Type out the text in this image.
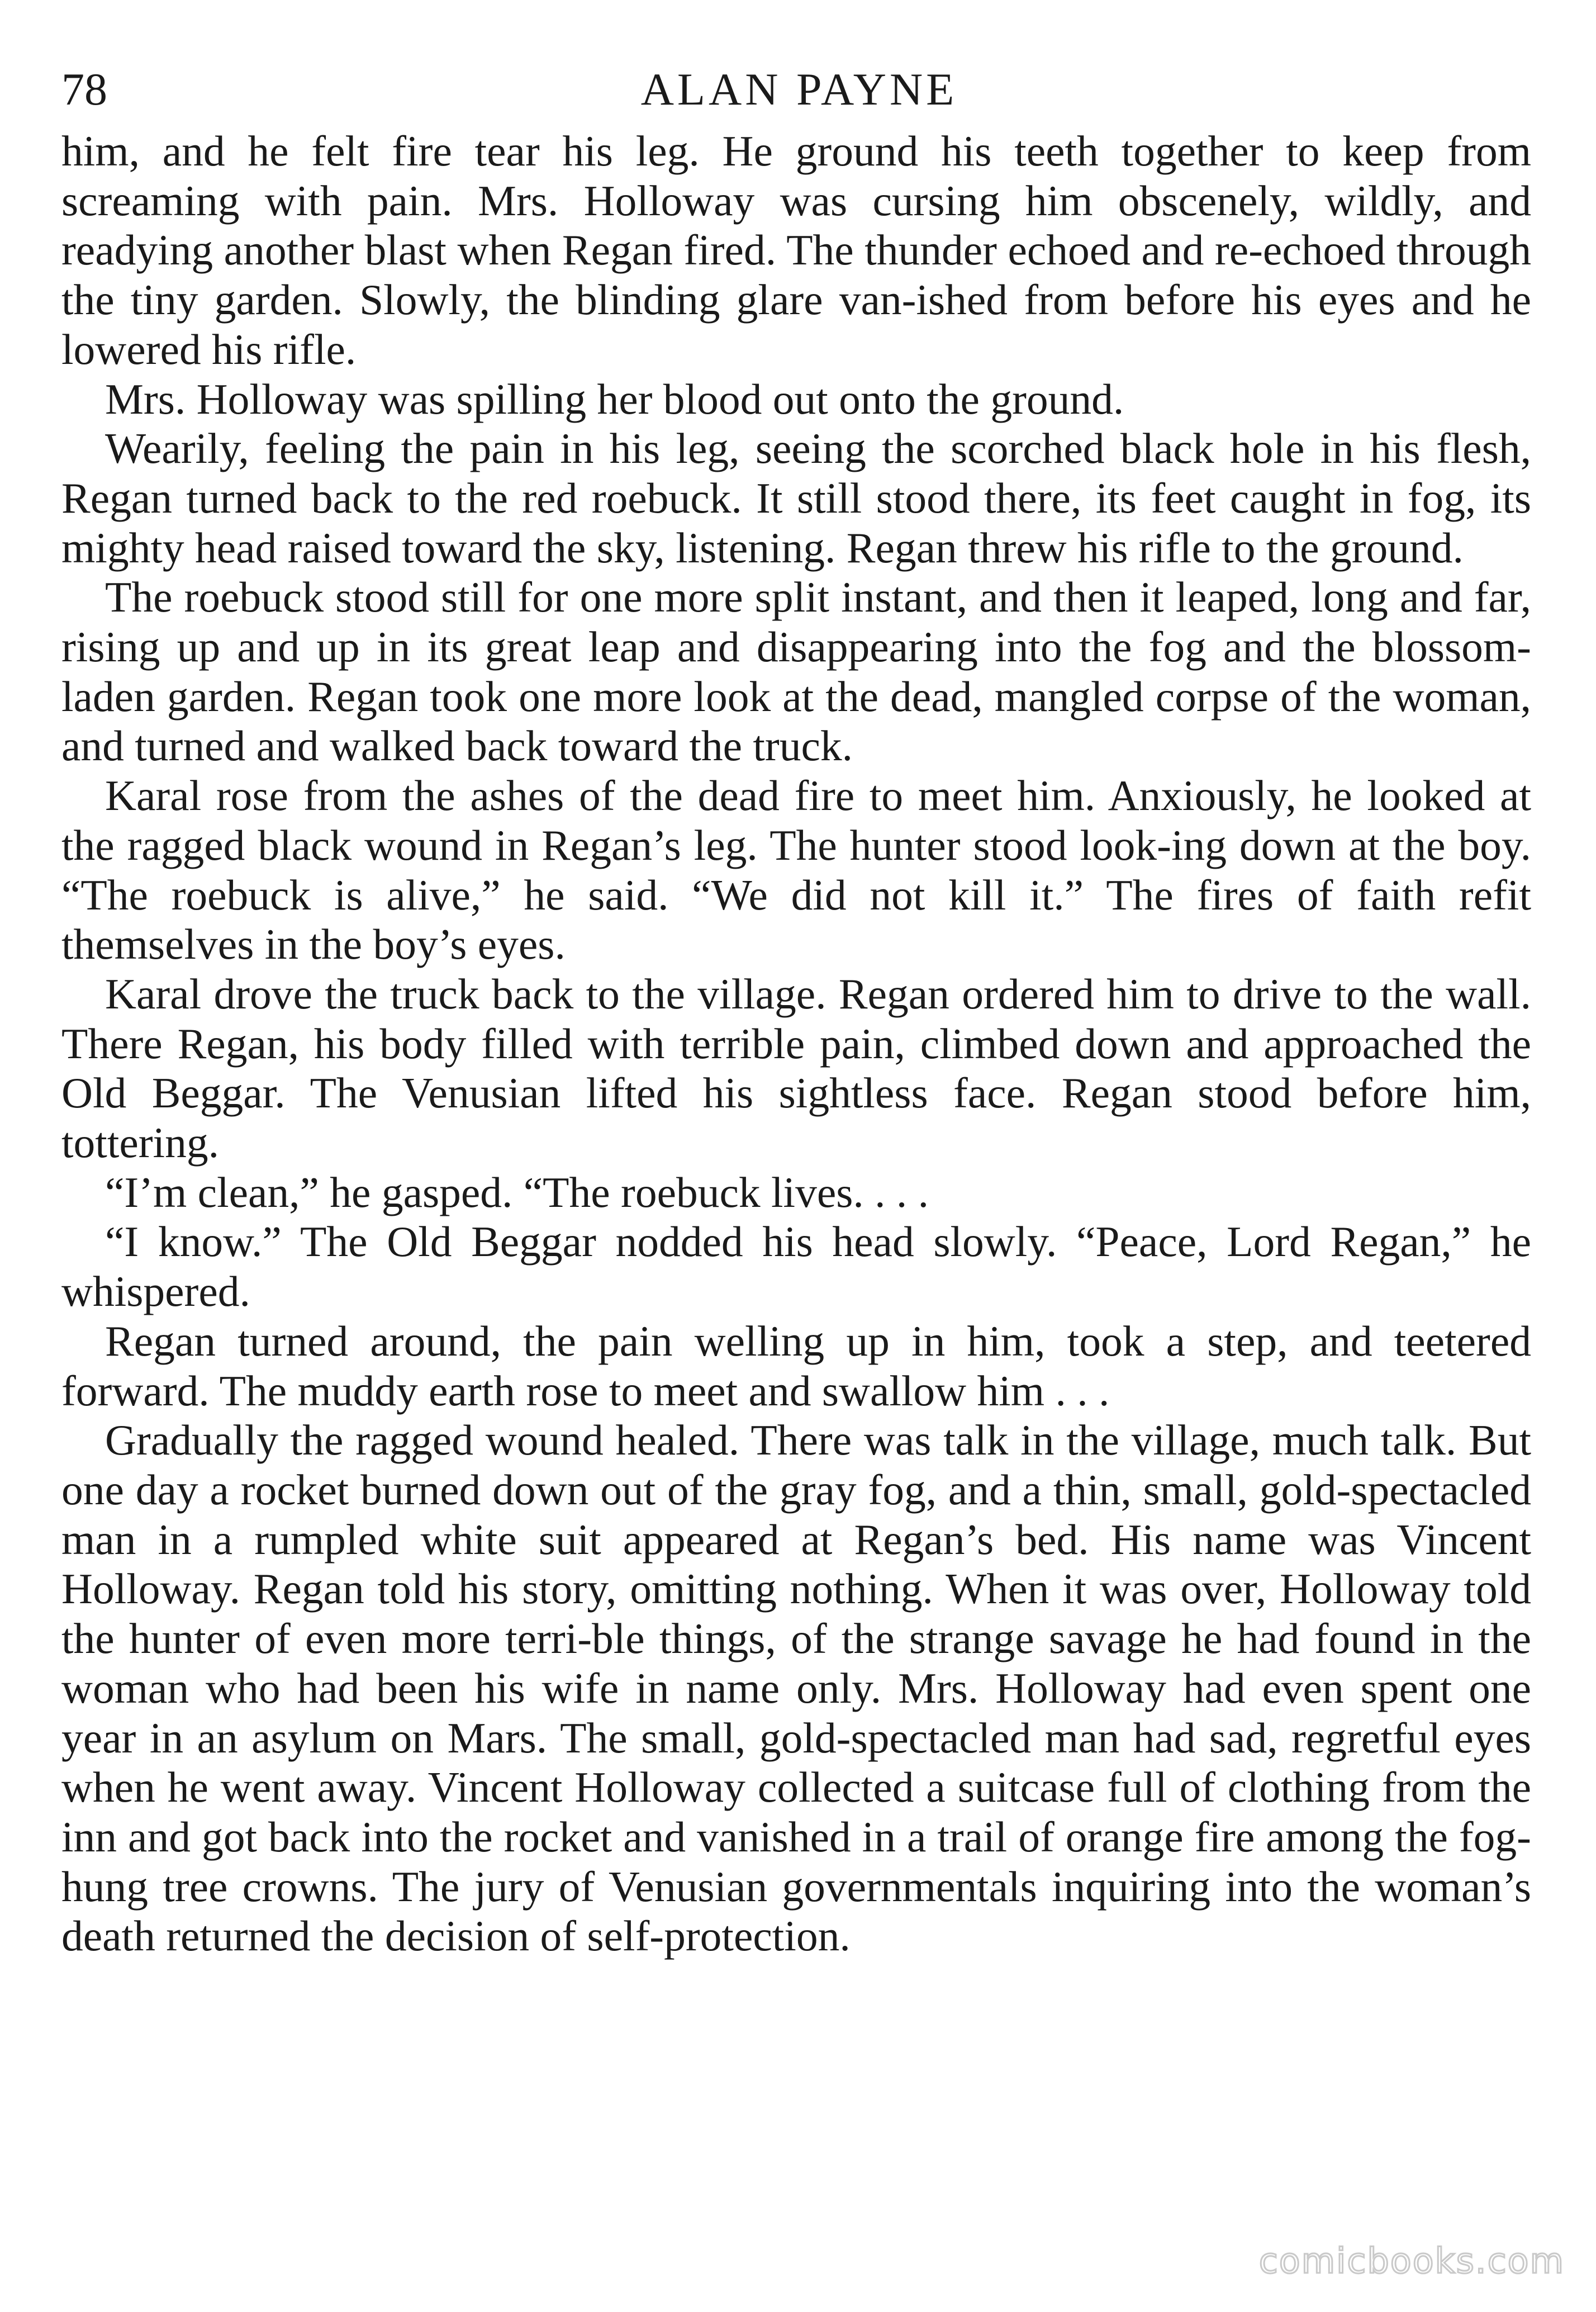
78	ALAN PAYNE

him, and he felt fire tear his leg. He ground his teeth together to keep from screaming with pain. Mrs. Holloway was cursing him obscenely, wildly, and readying another blast when Regan fired. The thunder echoed and re-echoed through the tiny garden. Slowly, the blinding glare van-ished from before his eyes and he lowered his rifle.

Mrs. Holloway was spilling her blood out onto the ground.

Wearily, feeling the pain in his leg, seeing the scorched black hole in his flesh, Regan turned back to the red roebuck. It still stood there, its feet caught in fog, its mighty head raised toward the sky, listening. Regan threw his rifle to the ground.

The roebuck stood still for one more split instant, and then it leaped, long and far, rising up and up in its great leap and disappearing into the fog and the blossom-laden garden. Regan took one more look at the dead, mangled corpse of the woman, and turned and walked back toward the truck.

Karal rose from the ashes of the dead fire to meet him. Anxiously, he looked at the ragged black wound in Regan’s leg. The hunter stood look-ing down at the boy. “The roebuck is alive,” he said. “We did not kill it.” The fires of faith refit themselves in the boy’s eyes.

Karal drove the truck back to the village. Regan ordered him to drive to the wall. There Regan, his body filled with terrible pain, climbed down and approached the Old Beggar. The Venusian lifted his sightless face. Regan stood before him, tottering.

“I’m clean,” he gasped. “The roebuck lives. . . .

“I know.” The Old Beggar nodded his head slowly. “Peace, Lord Regan,” he whispered.

Regan turned around, the pain welling up in him, took a step, and teetered forward. The muddy earth rose to meet and swallow him . . .

Gradually the ragged wound healed. There was talk in the village, much talk. But one day a rocket burned down out of the gray fog, and a thin, small, gold-spectacled man in a rumpled white suit appeared at Regan’s bed. His name was Vincent Holloway. Regan told his story, omitting nothing. When it was over, Holloway told the hunter of even more terri-ble things, of the strange savage he had found in the woman who had been his wife in name only. Mrs. Holloway had even spent one year in an asylum on Mars. The small, gold-spectacled man had sad, regretful eyes when he went away. Vincent Holloway collected a suitcase full of clothing from the inn and got back into the rocket and vanished in a trail of orange fire among the fog-hung tree crowns. The jury of Venusian governmentals inquiring into the woman’s death returned the decision of self-protection.

comicbooks.com
